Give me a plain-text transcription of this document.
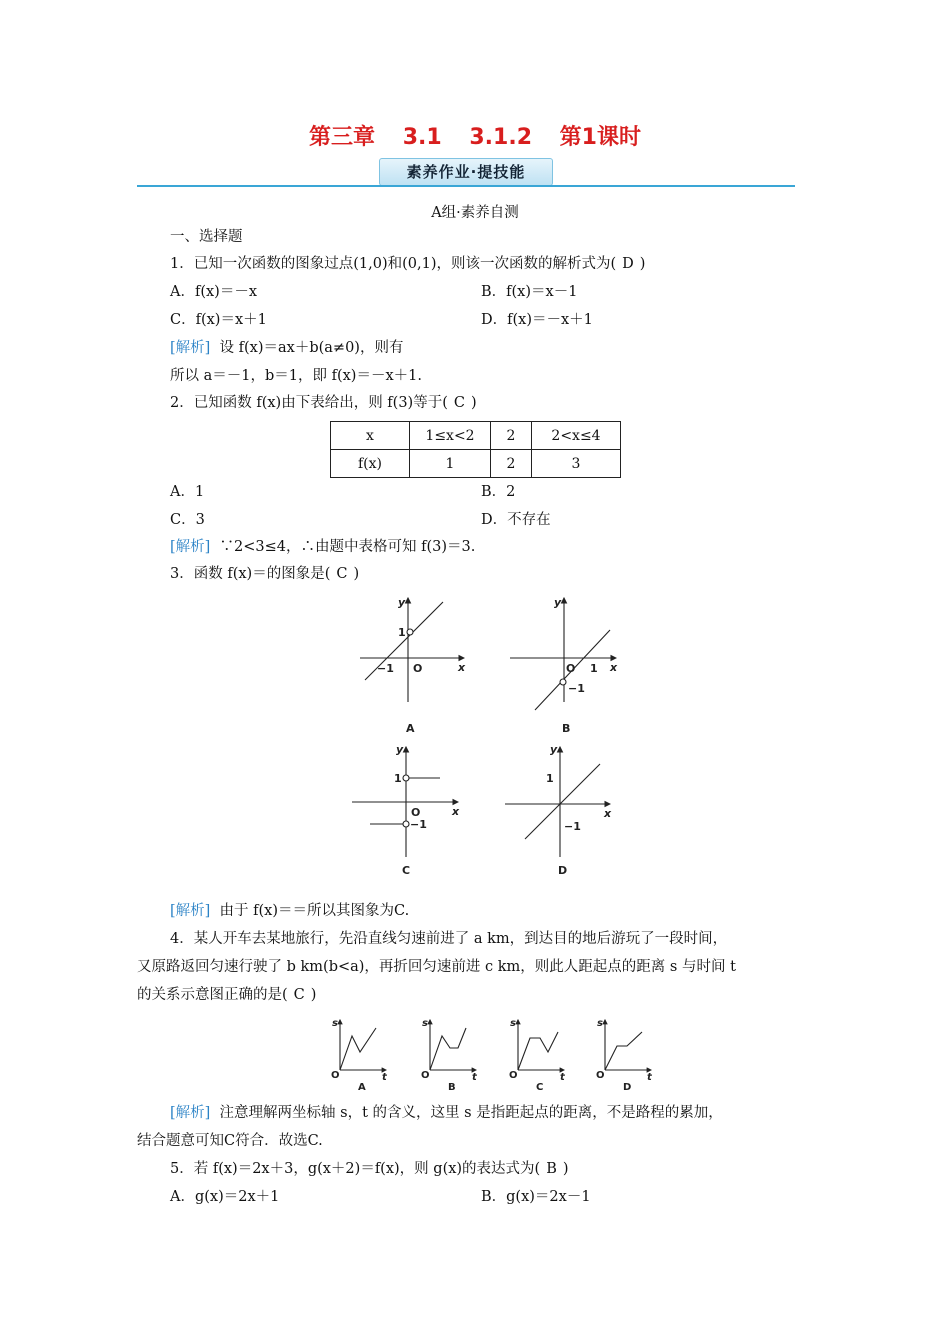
第三章 3.1 3.1.2 第1课时
素养作业·提技能
A组·素养自测
一、选择题
1．已知一次函数的图象过点(1,0)和(0,1)，则该一次函数的解析式为( D )
A．f(x)＝－x	B．f(x)＝x－1
C．f(x)＝x＋1	D．f(x)＝－x＋1
[解析] 设 f(x)＝ax＋b(a≠0)，则有
所以 a＝－1，b＝1，即 f(x)＝－x＋1.
2．已知函数 f(x)由下表给出，则 f(3)等于( C )
x	1≤x<2	2	2<x≤4
f(x)	1	2	3
A．1	B．2
C．3	D．不存在
[解析] ∵2<3≤4，∴由题中表格可知 f(3)＝3.
3．函数 f(x)＝的图象是( C )
y
x
y
x
y
x
y
x
O
1
−1	O 1
−1
O
1
−1
1
−1
A	B
C	D
[解析] 由于 f(x)＝＝所以其图象为C.
4．某人开车去某地旅行，先沿直线匀速前进了 a km，到达目的地后游玩了一段时间，
又原路返回匀速行驶了 b km(b<a)，再折回匀速前进 c km，则此人距起点的距离 s 与时间 t
的关系示意图正确的是( C )
s
t
s
t
s
t
s
t
O	O	O	O
A	B	C	D
[解析] 注意理解两坐标轴 s，t 的含义，这里 s 是指距起点的距离，不是路程的累加，
结合题意可知C符合．故选C.
5．若 f(x)＝2x＋3，g(x＋2)＝f(x)，则 g(x)的表达式为( B )
A．g(x)＝2x＋1	B．g(x)＝2x－1
